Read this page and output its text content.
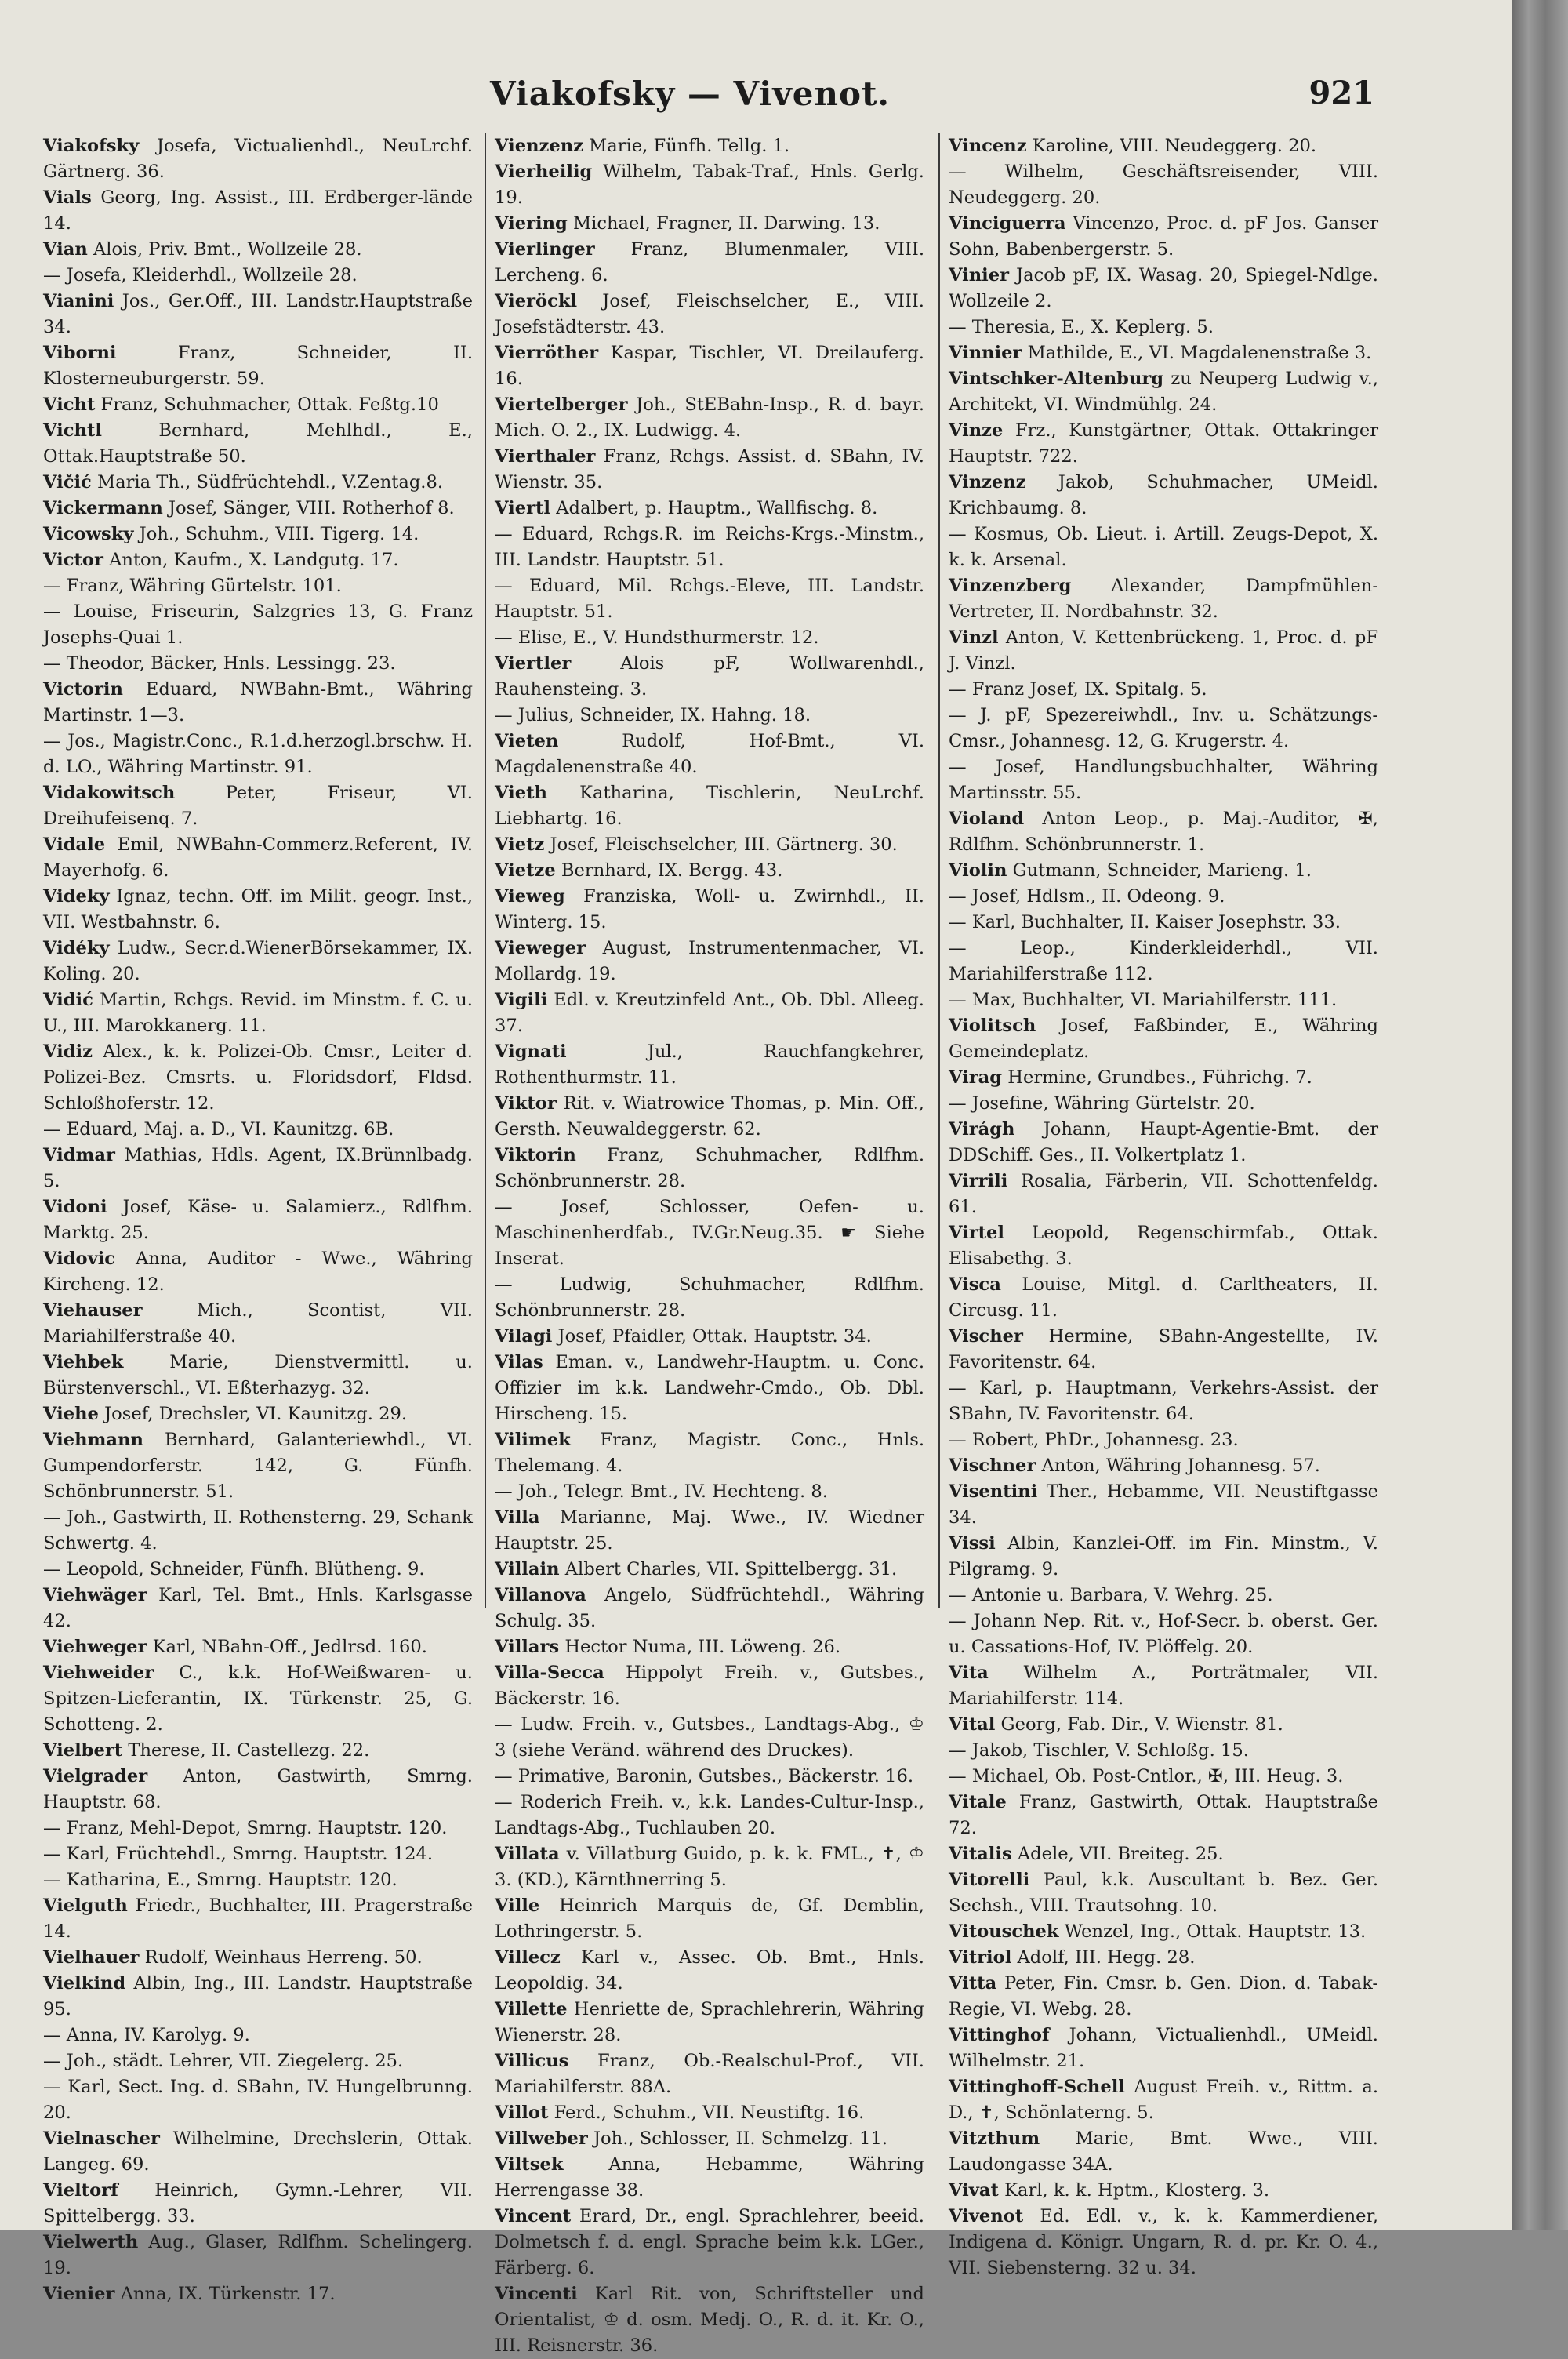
Viakofsky — Vivenot.	921

Viakofsky Josefa, Victualienhdl., NeuLrchf. Gärtnerg. 36.

Vials Georg, Ing. Assist., III. Erdberger-lände 14.

Vian Alois, Priv. Bmt., Wollzeile 28.

— Josefa, Kleiderhdl., Wollzeile 28.

Vianini Jos., Ger.Off., III. Landstr.Hauptstraße 34.

Viborni Franz, Schneider, II. Klosterneuburgerstr. 59.

Vicht Franz, Schuhmacher, Ottak. Feßtg.10

Vichtl Bernhard, Mehlhdl., E., Ottak.Hauptstraße 50.

Vičić Maria Th., Südfrüchtehdl., V.Zentag.8.

Vickermann Josef, Sänger, VIII. Rotherhof 8.

Vicowsky Joh., Schuhm., VIII. Tigerg. 14.

Victor Anton, Kaufm., X. Landgutg. 17.

— Franz, Währing Gürtelstr. 101.

— Louise, Friseurin, Salzgries 13, G. Franz Josephs-Quai 1.

— Theodor, Bäcker, Hnls. Lessingg. 23.

Victorin Eduard, NWBahn-Bmt., Währing Martinstr. 1—3.

— Jos., Magistr.Conc., R.1.d.herzogl.brschw. H. d. LO., Währing Martinstr. 91.

Vidakowitsch Peter, Friseur, VI. Dreihufeisenq. 7.

Vidale Emil, NWBahn-Commerz.Referent, IV. Mayerhofg. 6.

Videky Ignaz, techn. Off. im Milit. geogr. Inst., VII. Westbahnstr. 6.

Vidéky Ludw., Secr.d.WienerBörsekammer, IX. Koling. 20.

Vidić Martin, Rchgs. Revid. im Minstm. f. C. u. U., III. Marokkanerg. 11.

Vidiz Alex., k. k. Polizei-Ob. Cmsr., Leiter d. Polizei-Bez. Cmsrts. u. Floridsdorf, Fldsd. Schloßhoferstr. 12.

— Eduard, Maj. a. D., VI. Kaunitzg. 6B.

Vidmar Mathias, Hdls. Agent, IX.Brünnlbadg. 5.

Vidoni Josef, Käse- u. Salamierz., Rdlfhm. Marktg. 25.

Vidovic Anna, Auditor - Wwe., Währing Kircheng. 12.

Viehauser Mich., Scontist, VII. Mariahilferstraße 40.

Viehbek Marie, Dienstvermittl. u. Bürstenverschl., VI. Eßterhazyg. 32.

Viehe Josef, Drechsler, VI. Kaunitzg. 29.

Viehmann Bernhard, Galanteriewhdl., VI. Gumpendorferstr. 142, G. Fünfh. Schönbrunnerstr. 51.

— Joh., Gastwirth, II. Rothensterng. 29, Schank Schwertg. 4.

— Leopold, Schneider, Fünfh. Blütheng. 9.

Viehwäger Karl, Tel. Bmt., Hnls. Karlsgasse 42.

Viehweger Karl, NBahn-Off., Jedlrsd. 160.

Viehweider C., k.k. Hof-Weißwaren- u. Spitzen-Lieferantin, IX. Türkenstr. 25, G. Schotteng. 2.

Vielbert Therese, II. Castellezg. 22.

Vielgrader Anton, Gastwirth, Smrng. Hauptstr. 68.

— Franz, Mehl-Depot, Smrng. Hauptstr. 120.

— Karl, Früchtehdl., Smrng. Hauptstr. 124.

— Katharina, E., Smrng. Hauptstr. 120.

Vielguth Friedr., Buchhalter, III. Pragerstraße 14.

Vielhauer Rudolf, Weinhaus Herreng. 50.

Vielkind Albin, Ing., III. Landstr. Hauptstraße 95.

— Anna, IV. Karolyg. 9.

— Joh., städt. Lehrer, VII. Ziegelerg. 25.

— Karl, Sect. Ing. d. SBahn, IV. Hungelbrunng. 20.

Vielnascher Wilhelmine, Drechslerin, Ottak. Langeg. 69.

Vieltorf Heinrich, Gymn.-Lehrer, VII. Spittelbergg. 33.

Vielwerth Aug., Glaser, Rdlfhm. Schelingerg. 19.

Vienier Anna, IX. Türkenstr. 17.

Vienzenz Marie, Fünfh. Tellg. 1.

Vierheilig Wilhelm, Tabak-Traf., Hnls. Gerlg. 19.

Viering Michael, Fragner, II. Darwing. 13.

Vierlinger Franz, Blumenmaler, VIII. Lercheng. 6.

Vieröckl Josef, Fleischselcher, E., VIII. Josefstädterstr. 43.

Vierröther Kaspar, Tischler, VI. Dreilauferg. 16.

Viertelberger Joh., StEBahn-Insp., R. d. bayr. Mich. O. 2., IX. Ludwigg. 4.

Vierthaler Franz, Rchgs. Assist. d. SBahn, IV. Wienstr. 35.

Viertl Adalbert, p. Hauptm., Wallfischg. 8.

— Eduard, Rchgs.R. im Reichs-Krgs.-Minstm., III. Landstr. Hauptstr. 51.

— Eduard, Mil. Rchgs.-Eleve, III. Landstr. Hauptstr. 51.

— Elise, E., V. Hundsthurmerstr. 12.

Viertler Alois pF, Wollwarenhdl., Rauhensteing. 3.

— Julius, Schneider, IX. Hahng. 18.

Vieten Rudolf, Hof-Bmt., VI. Magdalenenstraße 40.

Vieth Katharina, Tischlerin, NeuLrchf. Liebhartg. 16.

Vietz Josef, Fleischselcher, III. Gärtnerg. 30.

Vietze Bernhard, IX. Bergg. 43.

Vieweg Franziska, Woll- u. Zwirnhdl., II. Winterg. 15.

Vieweger August, Instrumentenmacher, VI. Mollardg. 19.

Vigili Edl. v. Kreutzinfeld Ant., Ob. Dbl. Alleeg. 37.

Vignati Jul., Rauchfangkehrer, Rothenthurmstr. 11.

Viktor Rit. v. Wiatrowice Thomas, p. Min. Off., Gersth. Neuwaldeggerstr. 62.

Viktorin Franz, Schuhmacher, Rdlfhm. Schönbrunnerstr. 28.

— Josef, Schlosser, Oefen- u. Maschinenherdfab., IV.Gr.Neug.35. ☛ Siehe Inserat.

— Ludwig, Schuhmacher, Rdlfhm. Schönbrunnerstr. 28.

Vilagi Josef, Pfaidler, Ottak. Hauptstr. 34.

Vilas Eman. v., Landwehr-Hauptm. u. Conc. Offizier im k.k. Landwehr-Cmdo., Ob. Dbl. Hirscheng. 15.

Vilimek Franz, Magistr. Conc., Hnls. Thelemang. 4.

— Joh., Telegr. Bmt., IV. Hechteng. 8.

Villa Marianne, Maj. Wwe., IV. Wiedner Hauptstr. 25.

Villain Albert Charles, VII. Spittelbergg. 31.

Villanova Angelo, Südfrüchtehdl., Währing Schulg. 35.

Villars Hector Numa, III. Löweng. 26.

Villa-Secca Hippolyt Freih. v., Gutsbes., Bäckerstr. 16.

— Ludw. Freih. v., Gutsbes., Landtags-Abg., ♔ 3 (siehe Veränd. während des Druckes).

— Primative, Baronin, Gutsbes., Bäckerstr. 16.

— Roderich Freih. v., k.k. Landes-Cultur-Insp., Landtags-Abg., Tuchlauben 20.

Villata v. Villatburg Guido, p. k. k. FML., ✝, ♔ 3. (KD.), Kärnthnerring 5.

Ville Heinrich Marquis de, Gf. Demblin, Lothringerstr. 5.

Villecz Karl v., Assec. Ob. Bmt., Hnls. Leopoldig. 34.

Villette Henriette de, Sprachlehrerin, Währing Wienerstr. 28.

Villicus Franz, Ob.-Realschul-Prof., VII. Mariahilferstr. 88A.

Villot Ferd., Schuhm., VII. Neustiftg. 16.

Villweber Joh., Schlosser, II. Schmelzg. 11.

Viltsek Anna, Hebamme, Währing Herrengasse 38.

Vincent Erard, Dr., engl. Sprachlehrer, beeid. Dolmetsch f. d. engl. Sprache beim k.k. LGer., Färberg. 6.

Vincenti Karl Rit. von, Schriftsteller und Orientalist, ♔ d. osm. Medj. O., R. d. it. Kr. O., III. Reisnerstr. 36.

Vincenz Karoline, VIII. Neudeggerg. 20.

— Wilhelm, Geschäftsreisender, VIII. Neudeggerg. 20.

Vinciguerra Vincenzo, Proc. d. pF Jos. Ganser Sohn, Babenbergerstr. 5.

Vinier Jacob pF, IX. Wasag. 20, Spiegel-Ndlge. Wollzeile 2.

— Theresia, E., X. Keplerg. 5.

Vinnier Mathilde, E., VI. Magdalenenstraße 3.

Vintschker-Altenburg zu Neuperg Ludwig v., Architekt, VI. Windmühlg. 24.

Vinze Frz., Kunstgärtner, Ottak. Ottakringer Hauptstr. 722.

Vinzenz Jakob, Schuhmacher, UMeidl. Krichbaumg. 8.

— Kosmus, Ob. Lieut. i. Artill. Zeugs-Depot, X. k. k. Arsenal.

Vinzenzberg Alexander, Dampfmühlen-Vertreter, II. Nordbahnstr. 32.

Vinzl Anton, V. Kettenbrückeng. 1, Proc. d. pF J. Vinzl.

— Franz Josef, IX. Spitalg. 5.

— J. pF, Spezereiwhdl., Inv. u. Schätzungs-Cmsr., Johannesg. 12, G. Krugerstr. 4.

— Josef, Handlungsbuchhalter, Währing Martinsstr. 55.

Violand Anton Leop., p. Maj.-Auditor, ✠, Rdlfhm. Schönbrunnerstr. 1.

Violin Gutmann, Schneider, Marieng. 1.

— Josef, Hdlsm., II. Odeong. 9.

— Karl, Buchhalter, II. Kaiser Josephstr. 33.

— Leop., Kinderkleiderhdl., VII. Mariahilferstraße 112.

— Max, Buchhalter, VI. Mariahilferstr. 111.

Violitsch Josef, Faßbinder, E., Währing Gemeindeplatz.

Virag Hermine, Grundbes., Führichg. 7.

— Josefine, Währing Gürtelstr. 20.

Virágh Johann, Haupt-Agentie-Bmt. der DDSchiff. Ges., II. Volkertplatz 1.

Virrili Rosalia, Färberin, VII. Schottenfeldg. 61.

Virtel Leopold, Regenschirmfab., Ottak. Elisabethg. 3.

Visca Louise, Mitgl. d. Carltheaters, II. Circusg. 11.

Vischer Hermine, SBahn-Angestellte, IV. Favoritenstr. 64.

— Karl, p. Hauptmann, Verkehrs-Assist. der SBahn, IV. Favoritenstr. 64.

— Robert, PhDr., Johannesg. 23.

Vischner Anton, Währing Johannesg. 57.

Visentini Ther., Hebamme, VII. Neustiftgasse 34.

Vissi Albin, Kanzlei-Off. im Fin. Minstm., V. Pilgramg. 9.

— Antonie u. Barbara, V. Wehrg. 25.

— Johann Nep. Rit. v., Hof-Secr. b. oberst. Ger. u. Cassations-Hof, IV. Plöffelg. 20.

Vita Wilhelm A., Porträtmaler, VII. Mariahilferstr. 114.

Vital Georg, Fab. Dir., V. Wienstr. 81.

— Jakob, Tischler, V. Schloßg. 15.

— Michael, Ob. Post-Cntlor., ✠, III. Heug. 3.

Vitale Franz, Gastwirth, Ottak. Hauptstraße 72.

Vitalis Adele, VII. Breiteg. 25.

Vitorelli Paul, k.k. Auscultant b. Bez. Ger. Sechsh., VIII. Trautsohng. 10.

Vitouschek Wenzel, Ing., Ottak. Hauptstr. 13.

Vitriol Adolf, III. Hegg. 28.

Vitta Peter, Fin. Cmsr. b. Gen. Dion. d. Tabak-Regie, VI. Webg. 28.

Vittinghof Johann, Victualienhdl., UMeidl. Wilhelmstr. 21.

Vittinghoff-Schell August Freih. v., Rittm. a. D., ✝, Schönlaterng. 5.

Vitzthum Marie, Bmt. Wwe., VIII. Laudongasse 34A.

Vivat Karl, k. k. Hptm., Klosterg. 3.

Vivenot Ed. Edl. v., k. k. Kammerdiener, Indigena d. Königr. Ungarn, R. d. pr. Kr. O. 4., VII. Siebensterng. 32 u. 34.
